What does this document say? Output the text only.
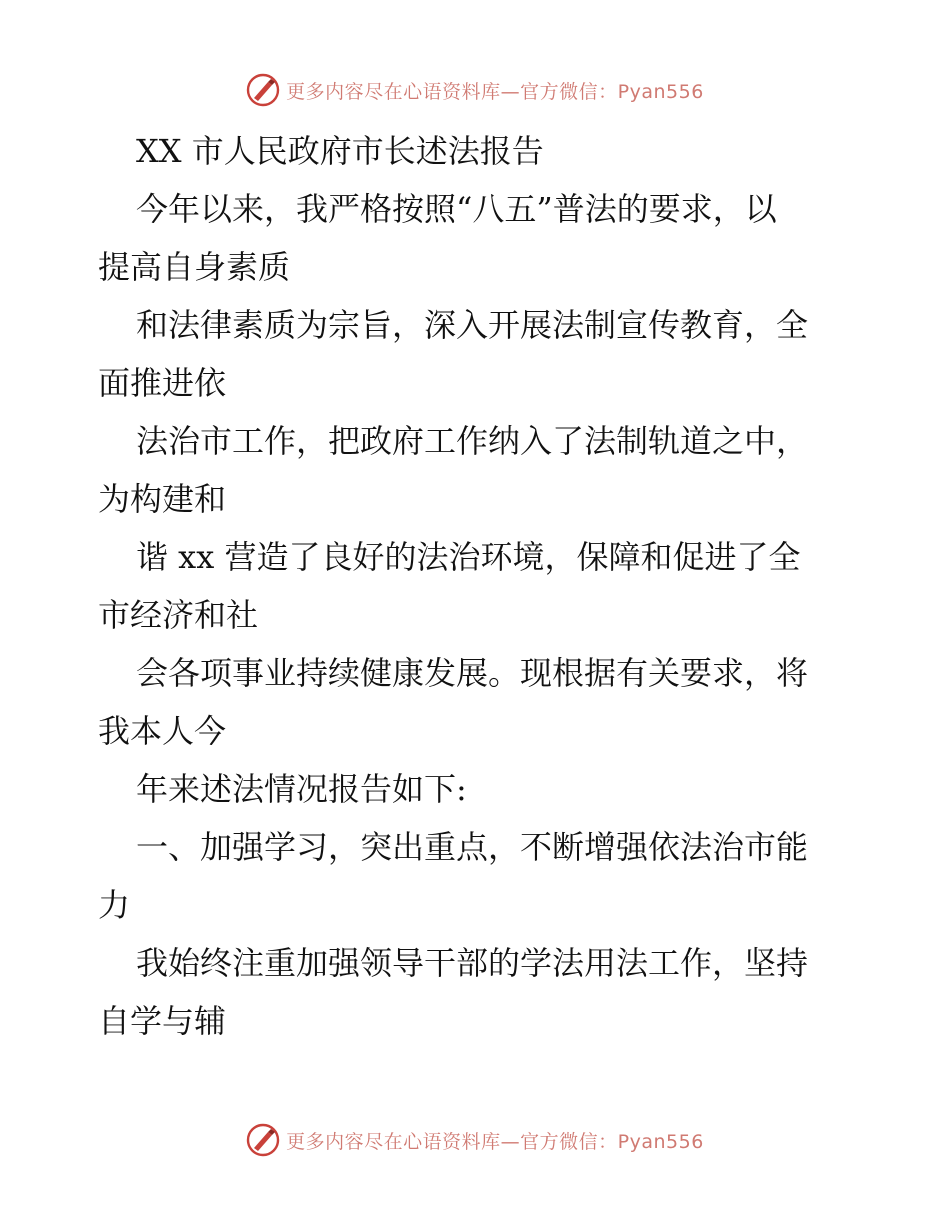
更多内容尽在心语资料库—官方微信：Pyan556
XX 市人民政府市长述法报告
今年以来，我严格按照“八五”普法的要求，以
提高自身素质
和法律素质为宗旨，深入开展法制宣传教育，全
面推进依
法治市工作，把政府工作纳入了法制轨道之中，
为构建和
谐 xx 营造了良好的法治环境，保障和促进了全
市经济和社
会各项事业持续健康发展。现根据有关要求，将
我本人今
年来述法情况报告如下:
一、加强学习，突出重点，不断增强依法治市能
力
我始终注重加强领导干部的学法用法工作，坚持
自学与辅
更多内容尽在心语资料库—官方微信：Pyan556
